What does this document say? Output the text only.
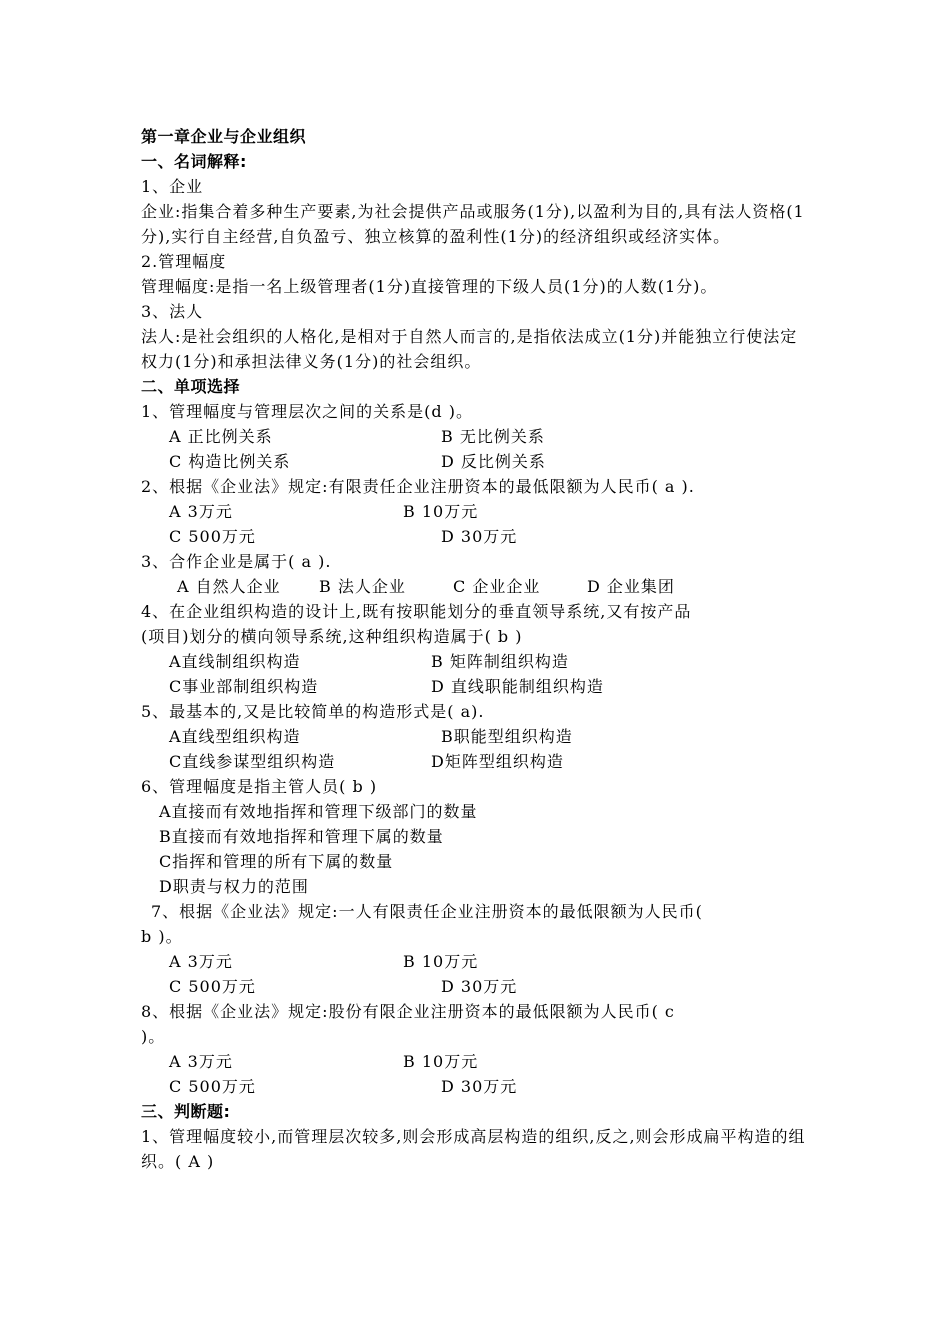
第一章企业与企业组织
一、名词解释:
1、企业
企业:指集合着多种生产要素,为社会提供产品或服务(1分),以盈利为目的,具有法人资格(1分),实行自主经营,自负盈亏、独立核算的盈利性(1分)的经济组织或经济实体。
2.管理幅度
管理幅度:是指一名上级管理者(1分)直接管理的下级人员(1分)的人数(1分)。
3、法人
法人:是社会组织的人格化,是相对于自然人而言的,是指依法成立(1分)并能独立行使法定权力(1分)和承担法律义务(1分)的社会组织。
二、单项选择
1、管理幅度与管理层次之间的关系是(d )。
A 正比例关系	B 无比例关系
C 构造比例关系	D 反比例关系
2、根据《企业法》规定:有限责任企业注册资本的最低限额为人民币( a ).
A 3万元	B 10万元
C 500万元	D 30万元
3、合作企业是属于( a ).
A 自然人企业	B 法人企业	C 企业企业	D 企业集团
4、在企业组织构造的设计上,既有按职能划分的垂直领导系统,又有按产品
(项目)划分的横向领导系统,这种组织构造属于( b )
A直线制组织构造	B 矩阵制组织构造
C事业部制组织构造	D 直线职能制组织构造
5、最基本的,又是比较简单的构造形式是( a).
A直线型组织构造	B职能型组织构造
C直线参谋型组织构造	D矩阵型组织构造
6、管理幅度是指主管人员( b )
A直接而有效地指挥和管理下级部门的数量
B直接而有效地指挥和管理下属的数量
C指挥和管理的所有下属的数量
D职责与权力的范围
7、根据《企业法》规定:一人有限责任企业注册资本的最低限额为人民币(
b )。
A 3万元	B 10万元
C 500万元	D 30万元
8、根据《企业法》规定:股份有限企业注册资本的最低限额为人民币( c
)。
A 3万元	B 10万元
C 500万元	D 30万元
三、判断题:
1、管理幅度较小,而管理层次较多,则会形成高层构造的组织,反之,则会形成扁平构造的组织。( A )
